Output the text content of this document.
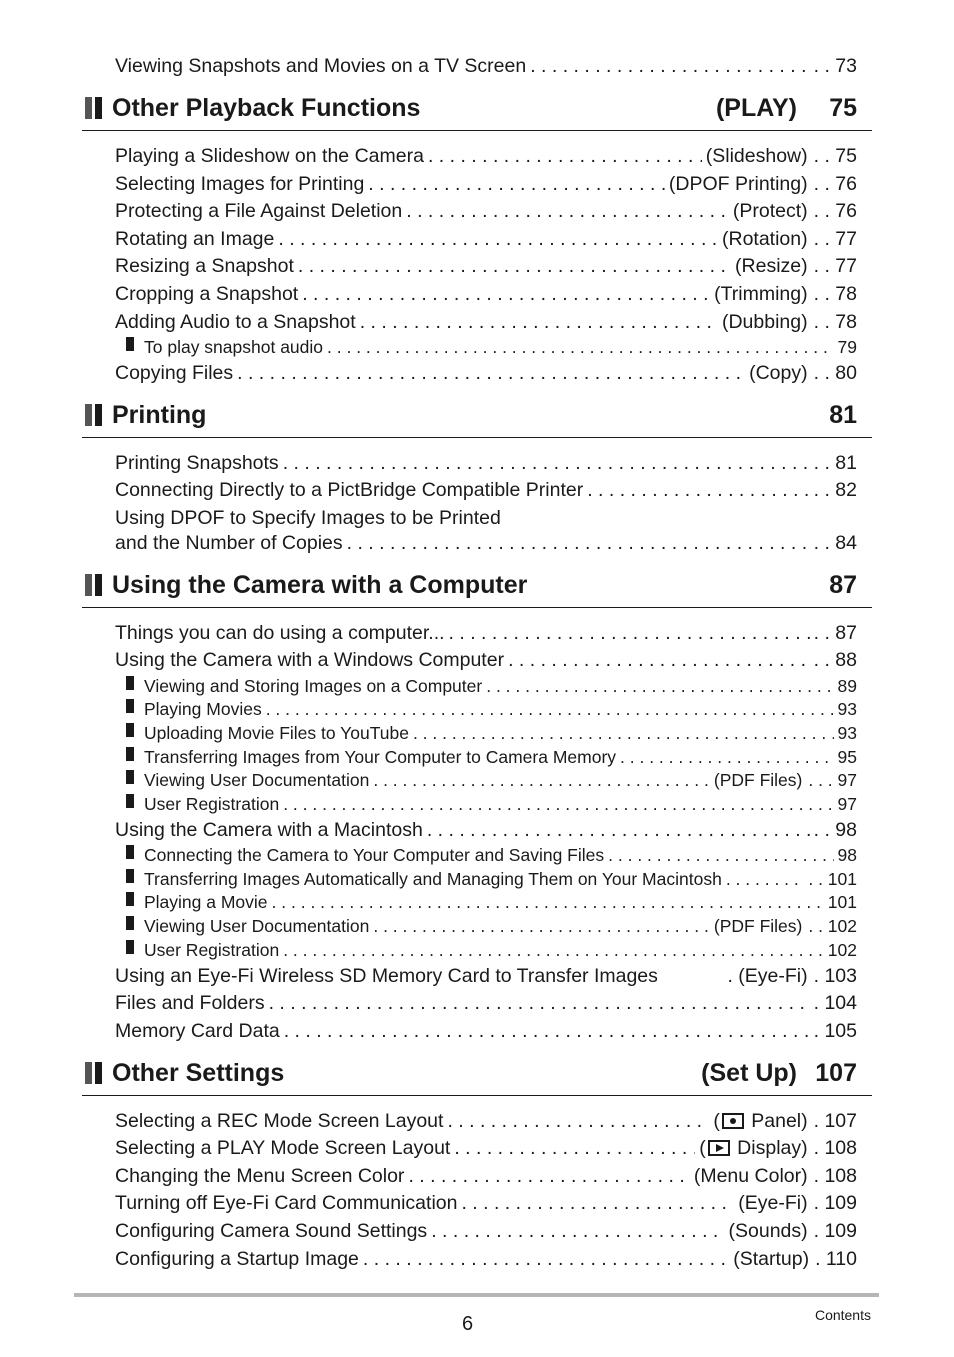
Viewing Snapshots and Movies on a TV Screen . . .	. . 73
Other Playback Functions	(PLAY) 75
Playing a Slideshow on the Camera . . .	(Slideshow) . . 75
Selecting Images for Printing . . .	(DPOF Printing) . . 76
Protecting a File Against Deletion . . .	(Protect) . . 76
Rotating an Image . . .	(Rotation) . . 77
Resizing a Snapshot . . .	(Resize) . . 77
Cropping a Snapshot . . .	(Trimming) . . 78
Adding Audio to a Snapshot . . .	(Dubbing) . . 78
To play snapshot audio . . .	79
Copying Files . . .	(Copy) . . 80
Printing	81
Printing Snapshots . . .	. . 81
Connecting Directly to a PictBridge Compatible Printer . . .	. . 82
Using DPOF to Specify Images to be Printed
and the Number of Copies . . .	. . 84
Using the Camera with a Computer	87
Things you can do using a computer... . . .	. . 87
Using the Camera with a Windows Computer . . .	. . 88
Viewing and Storing Images on a Computer . . .	89
Playing Movies . . .	93
Uploading Movie Files to YouTube . . .	93
Transferring Images from Your Computer to Camera Memory . . .	95
Viewing User Documentation . . .	(PDF Files) . . . 97
User Registration . . .	97
Using the Camera with a Macintosh . . .	. . 98
Connecting the Camera to Your Computer and Saving Files . . .	98
Transferring Images Automatically and Managing Them on Your Macintosh . . .	. . 101
Playing a Movie . . .	101
Viewing User Documentation . . .	(PDF Files) . . 102
User Registration . . .	102
Using an Eye-Fi Wireless SD Memory Card to Transfer Images	. (Eye-Fi) . 103
Files and Folders . . .	. 104
Memory Card Data . . .	. 105
Other Settings	(Set Up) 107
Selecting a REC Mode Screen Layout . . .	( Panel) . 107
Selecting a PLAY Mode Screen Layout . . .	( Display) . 108
Changing the Menu Screen Color . . .	(Menu Color) . 108
Turning off Eye-Fi Card Communication . . .	(Eye-Fi) . 109
Configuring Camera Sound Settings . . .	(Sounds) . 109
Configuring a Startup Image . . .	(Startup) . 110
6	Contents
